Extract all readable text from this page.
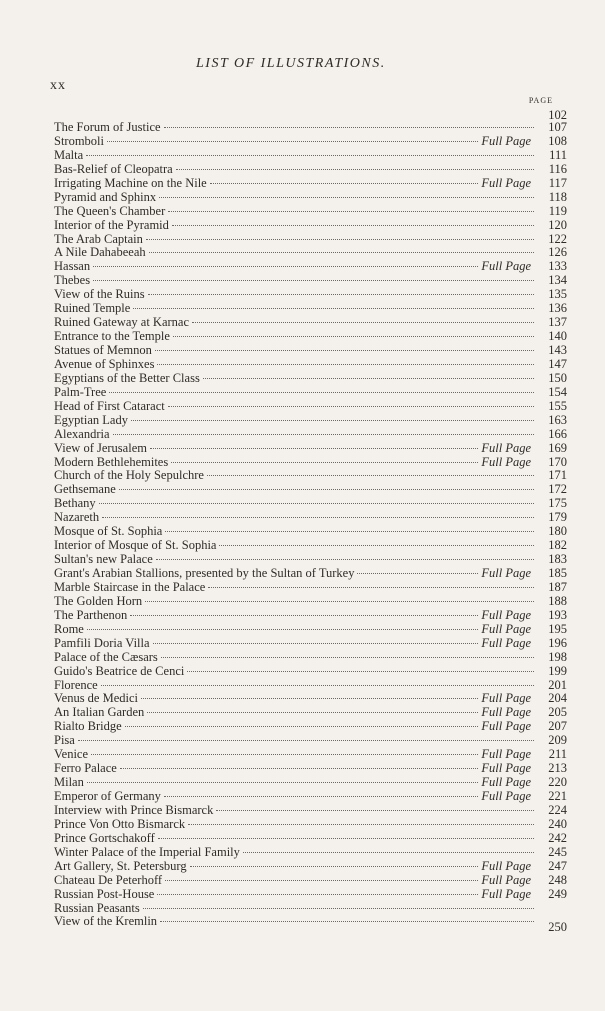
xx
LIST OF ILLUSTRATIONS.
PAGE
102
The Forum of Justice	107
Stromboli	Full Page	108
Malta	111
Bas-Relief of Cleopatra	116
Irrigating Machine on the Nile	Full Page	117
Pyramid and Sphinx	118
The Queen's Chamber	119
Interior of the Pyramid	120
The Arab Captain	122
A Nile Dahabeeah	126
Hassan	Full Page	133
Thebes	134
View of the Ruins	135
Ruined Temple	136
Ruined Gateway at Karnac	137
Entrance to the Temple	140
Statues of Memnon	143
Avenue of Sphinxes	147
Egyptians of the Better Class	150
Palm-Tree	154
Head of First Cataract	155
Egyptian Lady	163
Alexandria	166
View of Jerusalem	Full Page	169
Modern Bethlehemites	Full Page	170
Church of the Holy Sepulchre	171
Gethsemane	172
Bethany	175
Nazareth	179
Mosque of St. Sophia	180
Interior of Mosque of St. Sophia	182
Sultan's new Palace	183
Grant's Arabian Stallions, presented by the Sultan of Turkey	Full Page	185
Marble Staircase in the Palace	187
The Golden Horn	188
The Parthenon	Full Page	193
Rome	Full Page	195
Pamfili Doria Villa	Full Page	196
Palace of the Cæsars	198
Guido's Beatrice de Cenci	199
Florence	201
Venus de Medici	Full Page	204
An Italian Garden	Full Page	205
Rialto Bridge	Full Page	207
Pisa	209
Venice	Full Page	211
Ferro Palace	Full Page	213
Milan	Full Page	220
Emperor of Germany	Full Page	221
Interview with Prince Bismarck	224
Prince Von Otto Bismarck	240
Prince Gortschakoff	242
Winter Palace of the Imperial Family	245
Art Gallery, St. Petersburg	Full Page	247
Chateau De Peterhoff	Full Page	248
Russian Post-House	Full Page	249
Russian Peasants
View of the Kremlin	250
